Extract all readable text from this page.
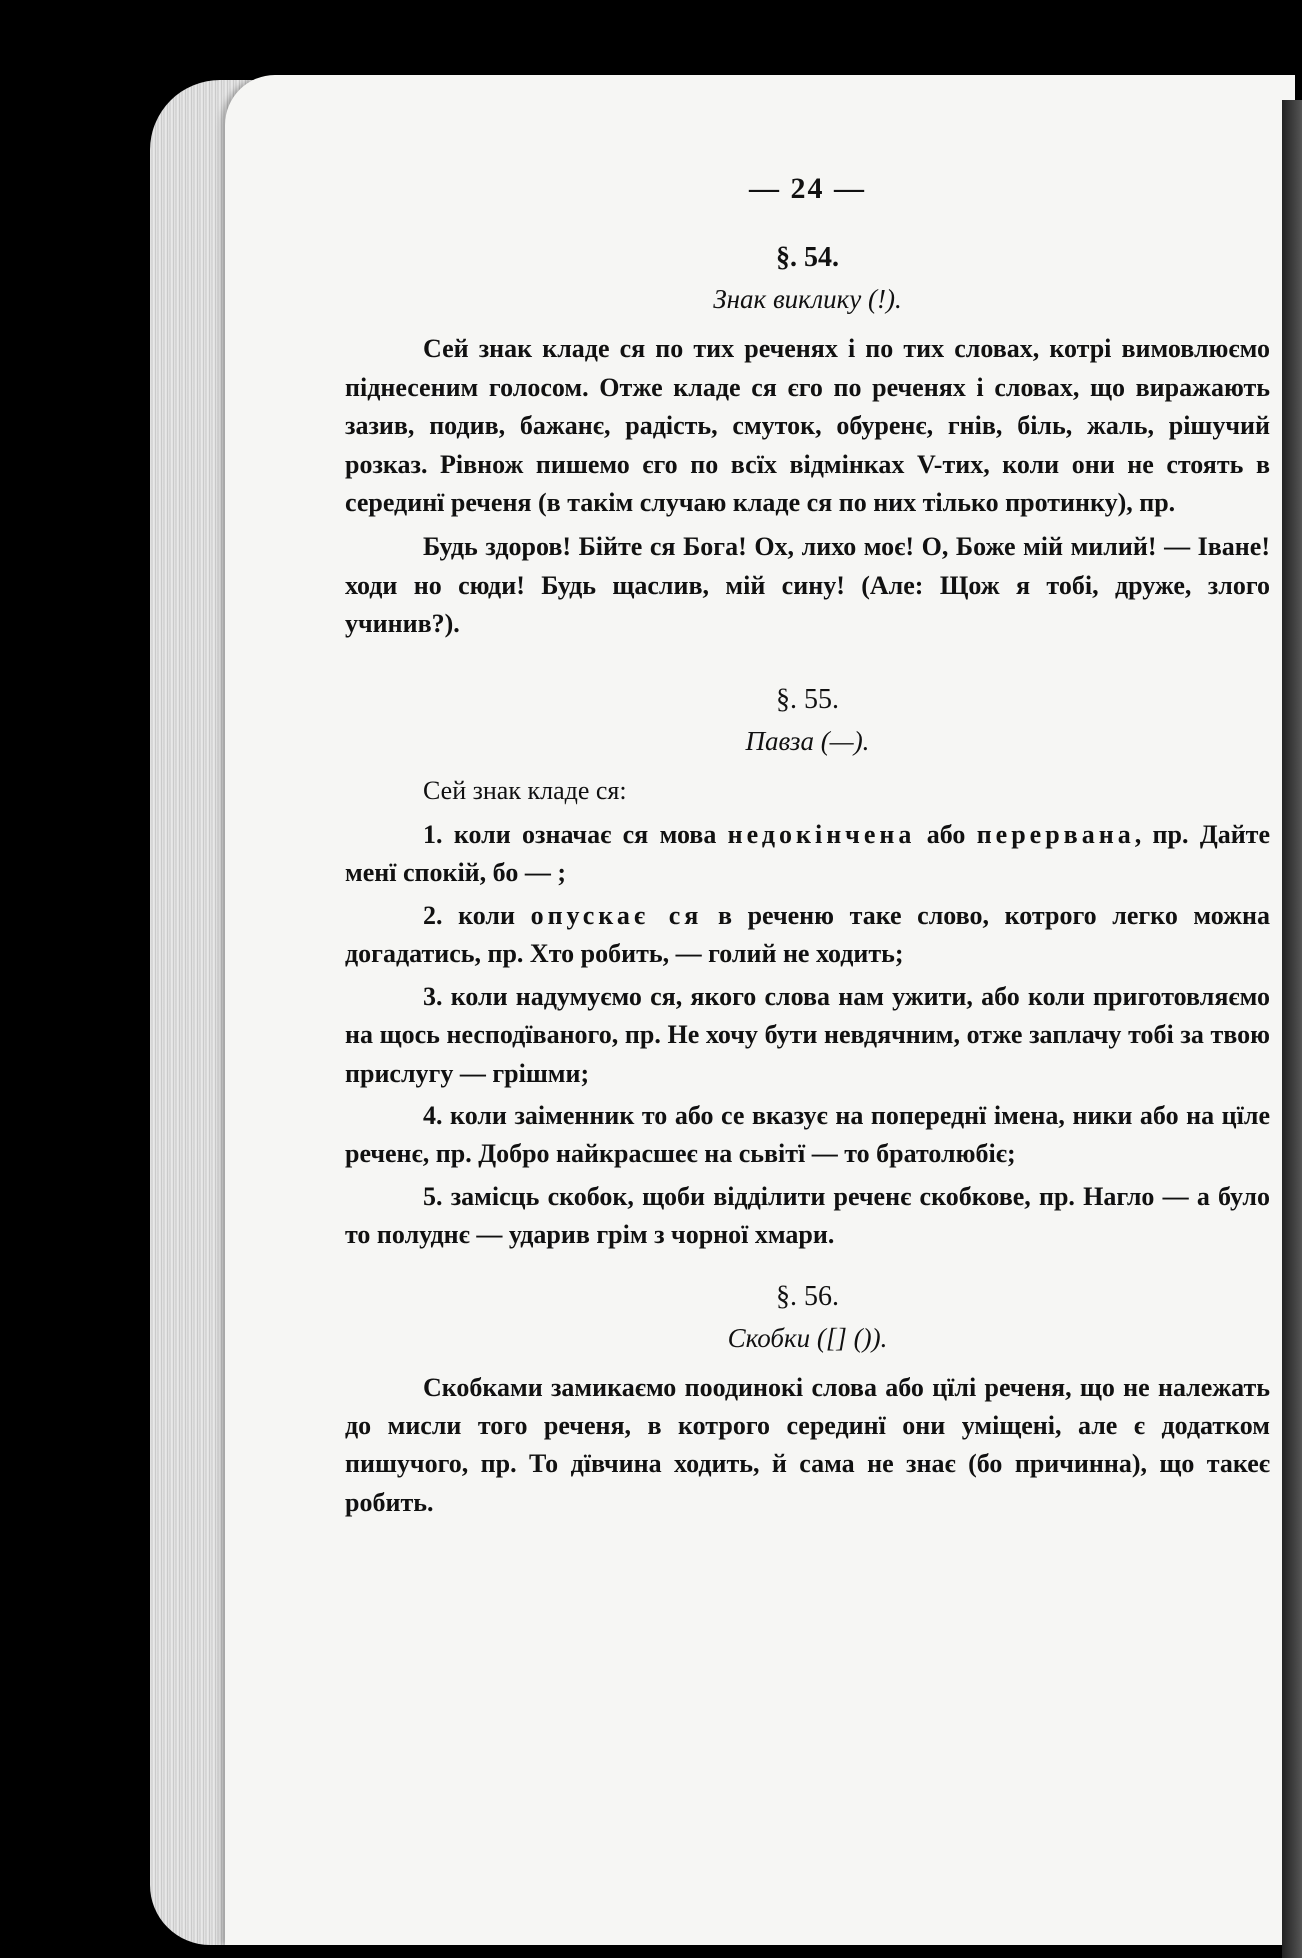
— 24 —
§. 54.
Знак виклику (!).

Сей знак кладе ся по тих реченях і по тих словах, котрі вимовлюємо піднесеним голосом. Отже кладе ся єго по реченях і словах, що виражають зазив, подив, бажанє, радість, смуток, обуренє, гнів, біль, жаль, рішучий розказ. Рівнож пишемо єго по всїх відмінках V-тих, коли они не стоять в серединї реченя (в такім случаю кладе ся по них тілько протинку), пр.

Будь здоров! Бійте ся Бога! Ох, лихо моє! О, Боже мій милий! — Іване! ходи но сюди! Будь щаслив, мій сину! (Але: Щож я тобі, друже, злого учинив?).

§. 55.
Павза (—).

Сей знак кладе ся:

1. коли означає ся мова недокінчена або перервана, пр. Дайте менї спокій, бо — ;

2. коли опускає ся в реченю таке слово, котрого легко можна догадатись, пр. Хто робить, — голий не ходить;

3. коли надумуємо ся, якого слова нам ужити, або коли приготовляємо на щось несподїваного, пр. Не хочу бути невдячним, отже заплачу тобі за твою прислугу — грішми;

4. коли заіменник то або се вказує на попереднї імена, ники або на цїле реченє, пр. Добро найкрасшеє на сьвітї — то братолюбіє;

5. замісць скобок, щоби відділити реченє скобкове, пр. Нагло — а було то полуднє — ударив грім з чорної хмари.

§. 56.
Скобки ([] ()).

Скобками замикаємо поодинокі слова або цїлі реченя, що не належать до мисли того реченя, в котрого серединї они уміщені, але є додатком пишучого, пр. То дївчина ходить, й сама не знає (бо причинна), що такеє робить.
